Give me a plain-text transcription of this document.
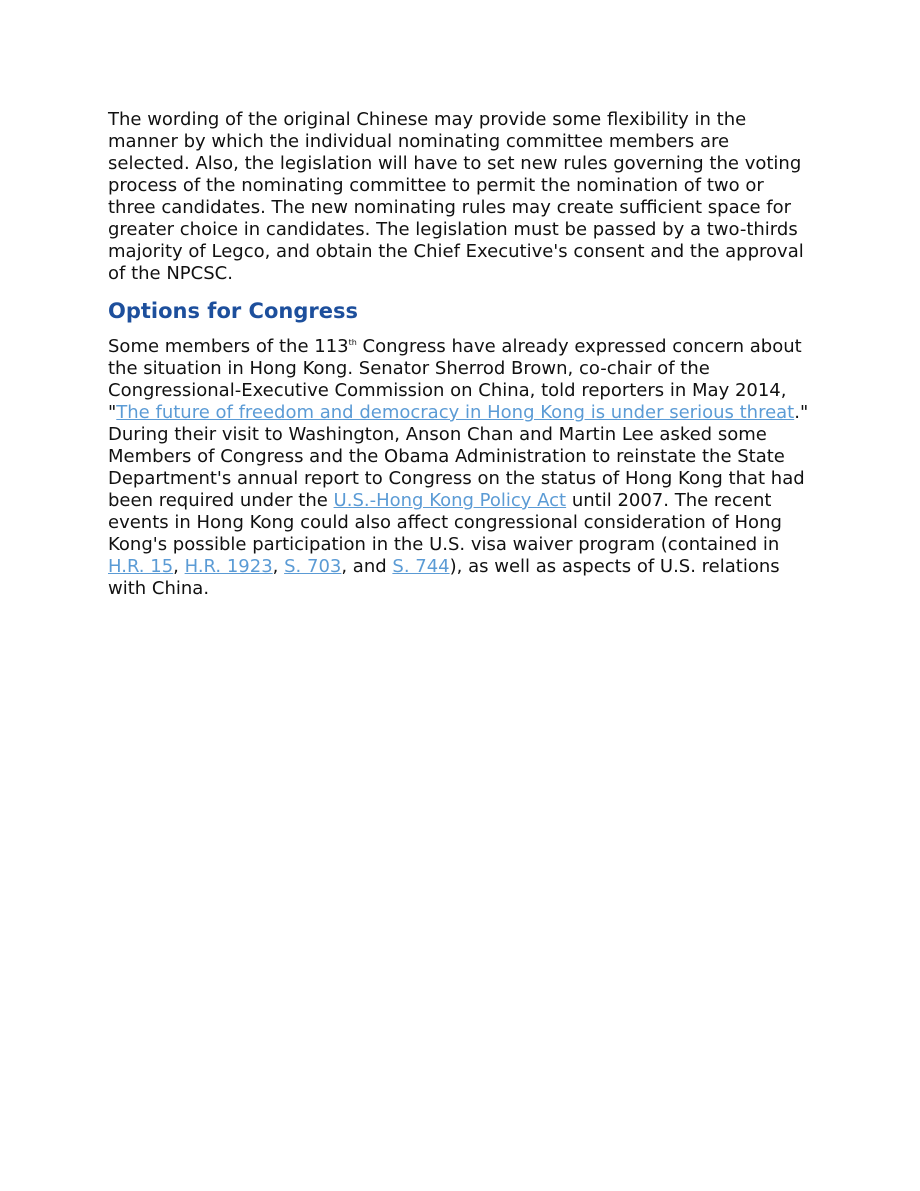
The wording of the original Chinese may provide some flexibility in the manner by which the individual nominating committee members are selected. Also, the legislation will have to set new rules governing the voting process of the nominating committee to permit the nomination of two or three candidates. The new nominating rules may create sufficient space for greater choice in candidates. The legislation must be passed by a two-thirds majority of Legco, and obtain the Chief Executive's consent and the approval of the NPCSC.

Options for Congress

Some members of the 113th Congress have already expressed concern about the situation in Hong Kong. Senator Sherrod Brown, co-chair of the Congressional-Executive Commission on China, told reporters in May 2014, "The future of freedom and democracy in Hong Kong is under serious threat." During their visit to Washington, Anson Chan and Martin Lee asked some Members of Congress and the Obama Administration to reinstate the State Department's annual report to Congress on the status of Hong Kong that had been required under the U.S.-Hong Kong Policy Act until 2007. The recent events in Hong Kong could also affect congressional consideration of Hong Kong's possible participation in the U.S. visa waiver program (contained in H.R. 15, H.R. 1923, S. 703, and S. 744), as well as aspects of U.S. relations with China.
